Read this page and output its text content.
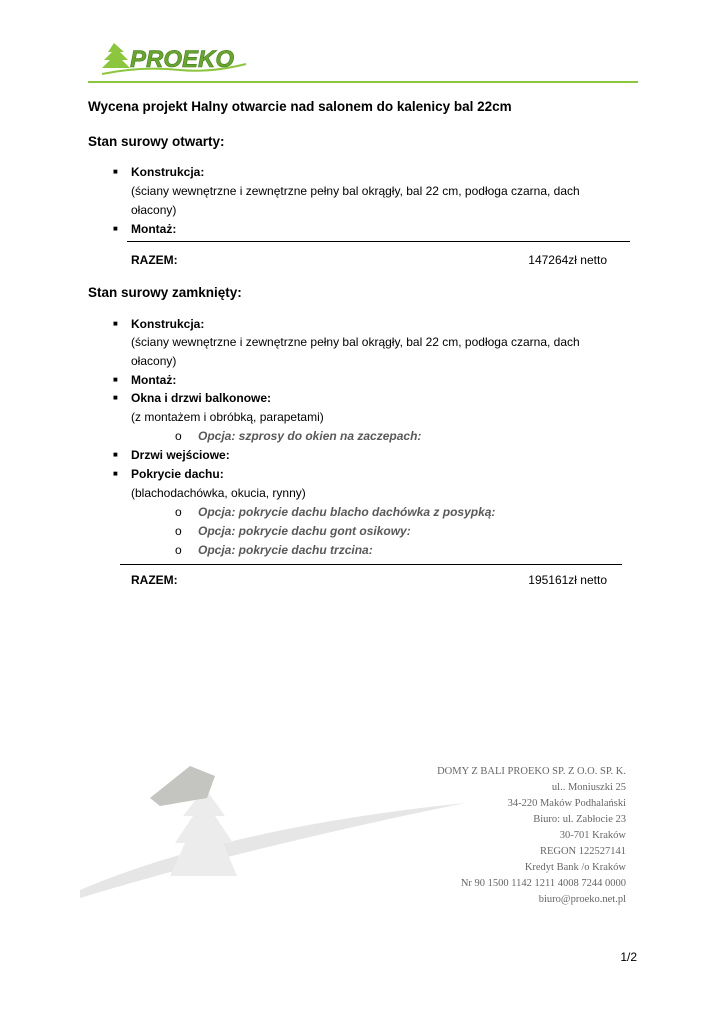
PROEKO
Wycena projekt Halny otwarcie nad salonem do kalenicy bal 22cm
Stan surowy otwarty:
■ Konstrukcja:
(ściany wewnętrzne i zewnętrzne pełny bal okrągły, bal 22 cm, podłoga czarna, dach
ołacony)
■ Montaż:
RAZEM:	147264zł netto
Stan surowy zamknięty:
■ Konstrukcja:
(ściany wewnętrzne i zewnętrzne pełny bal okrągły, bal 22 cm, podłoga czarna, dach
ołacony)
■ Montaż:
■ Okna i drzwi balkonowe:
(z montażem i obróbką, parapetami)
o Opcja: szprosy do okien na zaczepach:
■ Drzwi wejściowe:
■ Pokrycie dachu:
(blachodachówka, okucia, rynny)
o Opcja: pokrycie dachu blacho dachówka z posypką:
o Opcja: pokrycie dachu gont osikowy:
o Opcja: pokrycie dachu trzcina:
RAZEM:	195161zł netto
DOMY Z BALI PROEKO SP. Z O.O. SP. K.
ul.. Moniuszki 25
34-220 Maków Podhalański
Biuro: ul. Zabłocie 23
30-701 Kraków
REGON 122527141
Kredyt Bank /o Kraków
Nr 90 1500 1142 1211 4008 7244 0000
biuro@proeko.net.pl
1/2
